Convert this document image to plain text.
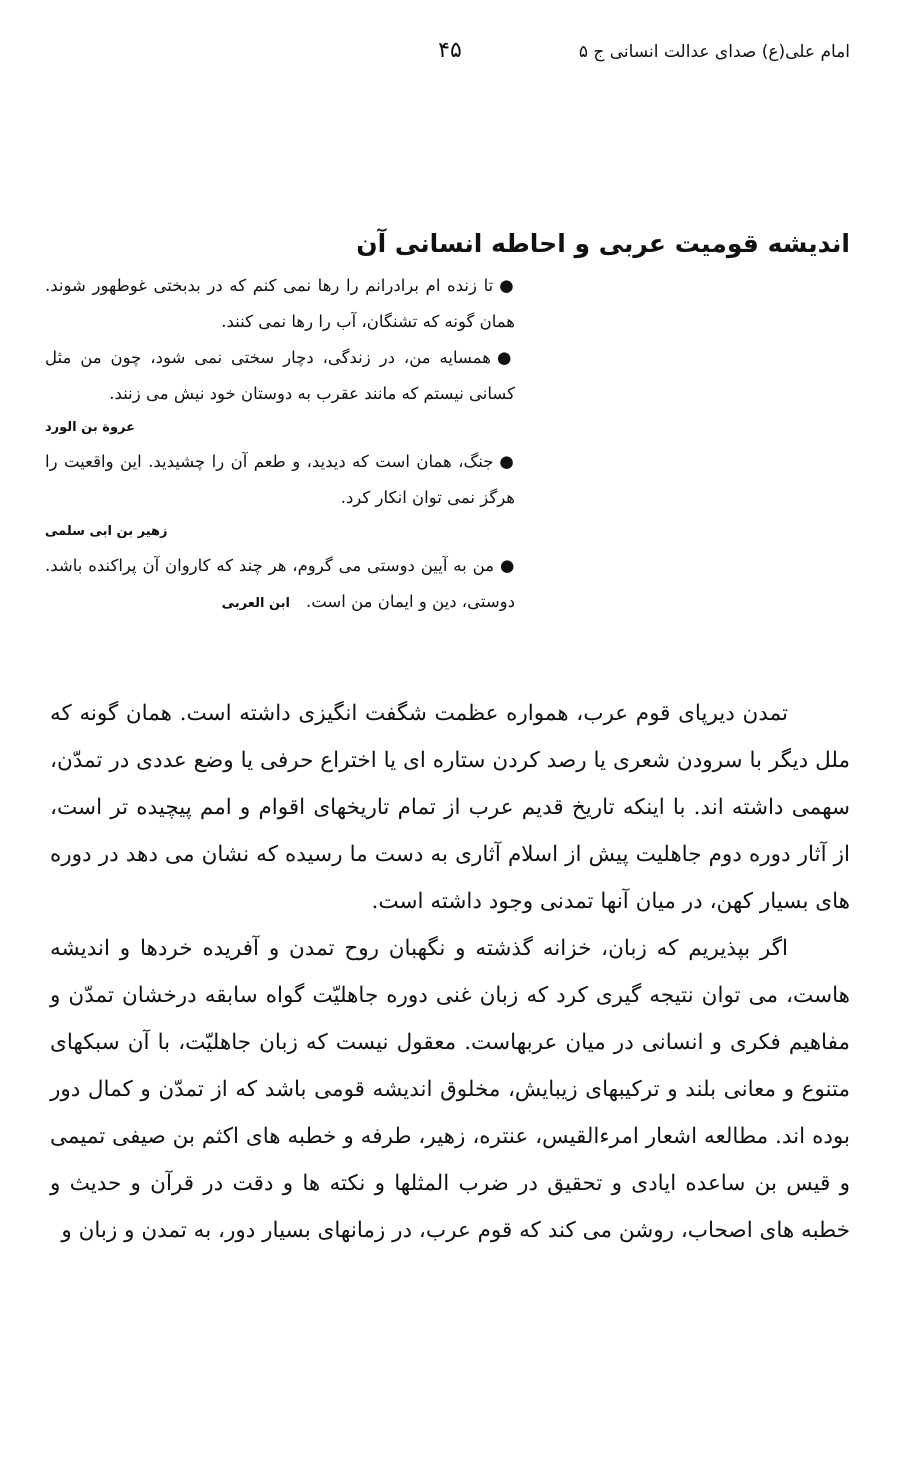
امام علی(ع) صدای عدالت انسانی ج ۵
۴۵
اندیشه قومیت عربی و احاطه انسانی آن

●تا زنده ام برادرانم را رها نمی کنم که در بدبختی غوطهور شوند. همان گونه که تشنگان، آب را رها نمی کنند.

●همسایه من، در زندگی، دچار سختی نمی شود، چون من مثل کسانی نیستم که مانند عقرب به دوستان خود نیش می زنند.

عروة بن الورد

●جنگ، همان است که دیدید، و طعم آن را چشیدید. این واقعیت را هرگز نمی توان انکار کرد.

زهیر بن ابی سلمی

●من به آیین دوستی می گروم، هر چند که کاروان آن پراکنده باشد. دوستی، دین و ایمان من است.ابن العربی

تمدن دیرپای قوم عرب، همواره عظمت شگفت انگیزی داشته است. همان گونه که ملل دیگر با سرودن شعری یا رصد کردن ستاره ای یا اختراع حرفی یا وضع عددی در تمدّن، سهمی داشته اند. با اینکه تاریخ قدیم عرب از تمام تاریخهای اقوام و امم پیچیده تر است، از آثار دوره دوم جاهلیت پیش از اسلام آثاری به دست ما رسیده که نشان می دهد در دوره های بسیار کهن، در میان آنها تمدنی وجود داشته است.

اگر بپذیریم که زبان، خزانه گذشته و نگهبان روح تمدن و آفریده خردها و اندیشه هاست، می توان نتیجه گیری کرد که زبان غنی دوره جاهلیّت گواه سابقه درخشان تمدّن و مفاهیم فکری و انسانی در میان عربهاست. معقول نیست که زبان جاهلیّت، با آن سبکهای متنوع و معانی بلند و ترکیبهای زیبایش، مخلوق اندیشه قومی باشد که از تمدّن و کمال دور بوده اند. مطالعه اشعار امرءالقیس، عنتره، زهیر، طرفه و خطبه های اکثم بن صیفی تمیمی و قیس بن ساعده ایادی و تحقیق در ضرب المثلها و نکته ها و دقت در قرآن و حدیث و خطبه های اصحاب، روشن می کند که قوم عرب، در زمانهای بسیار دور، به تمدن و زبان و
